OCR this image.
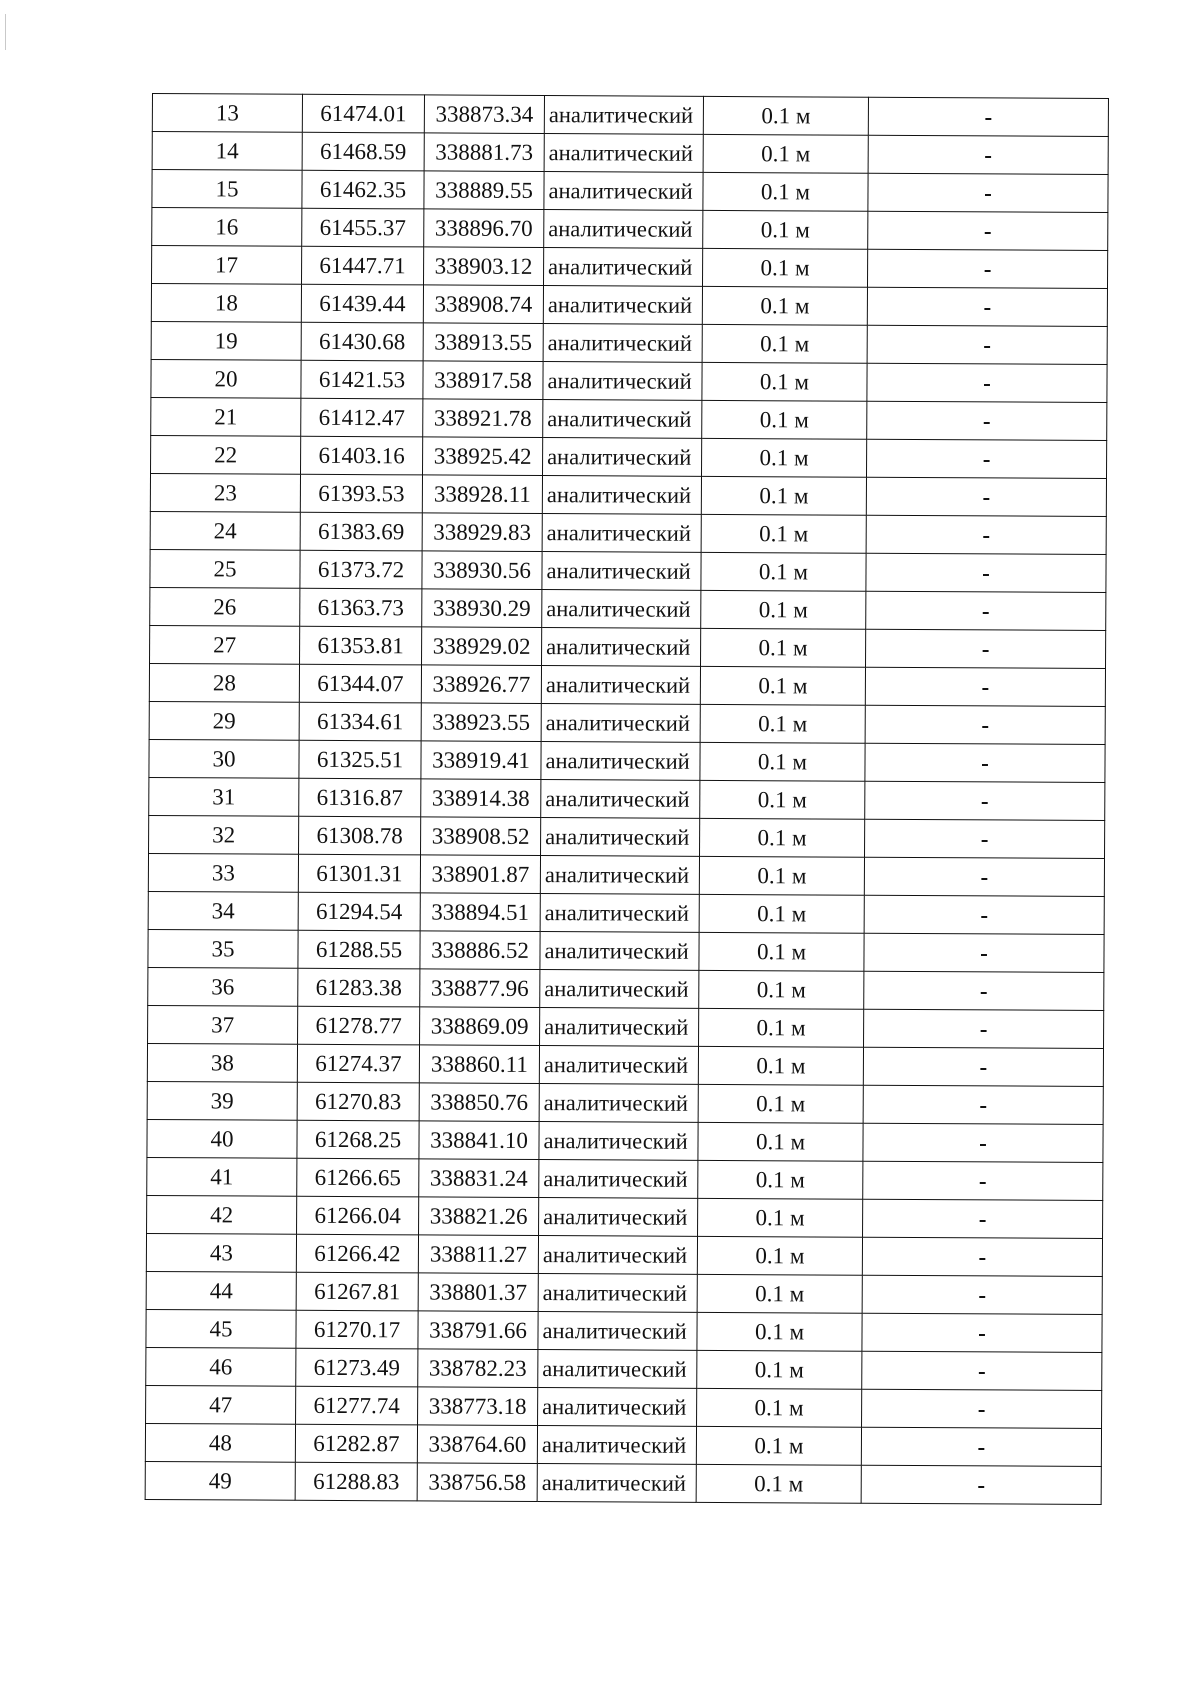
13	61474.01	338873.34	аналитический	0.1 м	-
14	61468.59	338881.73	аналитический	0.1 м	-
15	61462.35	338889.55	аналитический	0.1 м	-
16	61455.37	338896.70	аналитический	0.1 м	-
17	61447.71	338903.12	аналитический	0.1 м	-
18	61439.44	338908.74	аналитический	0.1 м	-
19	61430.68	338913.55	аналитический	0.1 м	-
20	61421.53	338917.58	аналитический	0.1 м	-
21	61412.47	338921.78	аналитический	0.1 м	-
22	61403.16	338925.42	аналитический	0.1 м	-
23	61393.53	338928.11	аналитический	0.1 м	-
24	61383.69	338929.83	аналитический	0.1 м	-
25	61373.72	338930.56	аналитический	0.1 м	-
26	61363.73	338930.29	аналитический	0.1 м	-
27	61353.81	338929.02	аналитический	0.1 м	-
28	61344.07	338926.77	аналитический	0.1 м	-
29	61334.61	338923.55	аналитический	0.1 м	-
30	61325.51	338919.41	аналитический	0.1 м	-
31	61316.87	338914.38	аналитический	0.1 м	-
32	61308.78	338908.52	аналитический	0.1 м	-
33	61301.31	338901.87	аналитический	0.1 м	-
34	61294.54	338894.51	аналитический	0.1 м	-
35	61288.55	338886.52	аналитический	0.1 м	-
36	61283.38	338877.96	аналитический	0.1 м	-
37	61278.77	338869.09	аналитический	0.1 м	-
38	61274.37	338860.11	аналитический	0.1 м	-
39	61270.83	338850.76	аналитический	0.1 м	-
40	61268.25	338841.10	аналитический	0.1 м	-
41	61266.65	338831.24	аналитический	0.1 м	-
42	61266.04	338821.26	аналитический	0.1 м	-
43	61266.42	338811.27	аналитический	0.1 м	-
44	61267.81	338801.37	аналитический	0.1 м	-
45	61270.17	338791.66	аналитический	0.1 м	-
46	61273.49	338782.23	аналитический	0.1 м	-
47	61277.74	338773.18	аналитический	0.1 м	-
48	61282.87	338764.60	аналитический	0.1 м	-
49	61288.83	338756.58	аналитический	0.1 м	-
